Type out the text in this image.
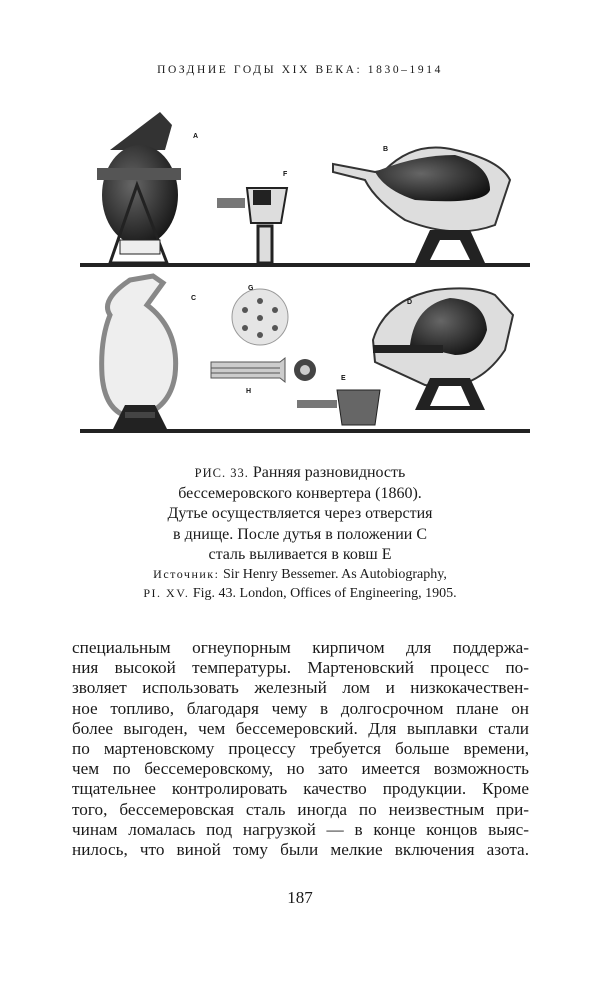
ПОЗДНИЕ ГОДЫ XIX ВЕКА: 1830–1914
A
F
B
C
G
H
E
D
РИС. 33. Ранняя разновидность
бессемеровского конвертера (1860).
Дутье осуществляется через отверстия
в днище. После дутья в положении C
сталь выливается в ковш E
Источник: Sir Henry Bessemer. As Autobiography,
PI. XV. Fig. 43. London, Offices of Engineering, 1905.
специальным огнеупорным кирпичом для поддержа-
ния высокой температуры. Мартеновский процесс по-
зволяет использовать железный лом и низкокачествен-
ное топливо, благодаря чему в долгосрочном плане он
более выгоден, чем бессемеровский. Для выплавки стали
по мартеновскому процессу требуется больше времени,
чем по бессемеровскому, но зато имеется возможность
тщательнее контролировать качество продукции. Кроме
того, бессемеровская сталь иногда по неизвестным при-
чинам ломалась под нагрузкой — в конце концов выяс-
нилось, что виной тому были мелкие включения азота.
187
